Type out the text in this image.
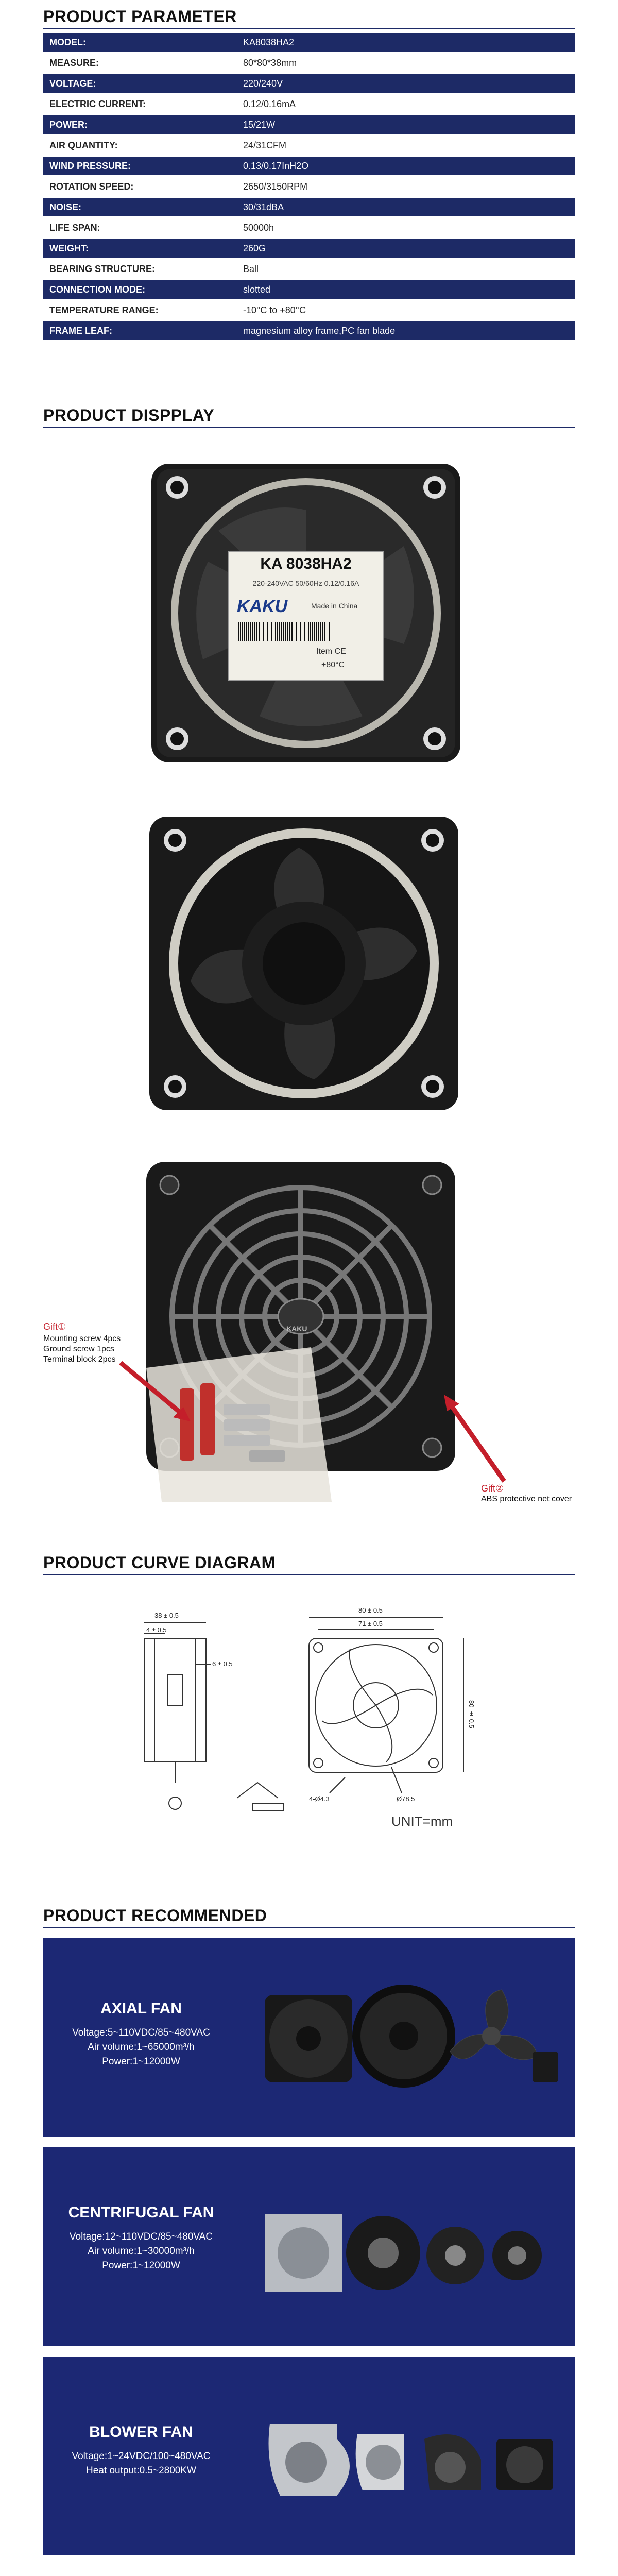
PRODUCT PARAMETER
MODEL:	KA8038HA2
MEASURE:	80*80*38mm
VOLTAGE:	220/240V
ELECTRIC CURRENT:	0.12/0.16mA
POWER:	15/21W
AIR QUANTITY:	24/31CFM
WIND PRESSURE:	0.13/0.17InH2O
ROTATION SPEED:	2650/3150RPM
NOISE:	30/31dBA
LIFE SPAN:	50000h
WEIGHT:	260G
BEARING STRUCTURE:	Ball
CONNECTION MODE:	slotted
TEMPERATURE RANGE:	-10°C to +80°C
FRAME LEAF:	magnesium alloy frame,PC fan blade
PRODUCT DISPPLAY
KA 8038HA2
220-240VAC 50/60Hz 0.12/0.16A
KAKU	Made in China
Item CE
+80°C
KAKU
Gift①
Mounting screw 4pcs
Ground screw 1pcs
Terminal block 2pcs
Gift②
ABS protective net cover
PRODUCT CURVE DIAGRAM
38 ± 0.5
4 ± 0.5
6 ± 0.5
80 ± 0.5
71 ± 0.5
80 ± 0.5
4-Ø4.3	Ø78.5
UNIT=mm
PRODUCT RECOMMENDED
AXIAL FAN
Voltage:5~110VDC/85~480VAC
Air volume:1~65000m³/h
Power:1~12000W
CENTRIFUGAL FAN
Voltage:12~110VDC/85~480VAC
Air volume:1~30000m³/h
Power:1~12000W
BLOWER FAN
Voltage:1~24VDC/100~480VAC
Heat output:0.5~2800KW
